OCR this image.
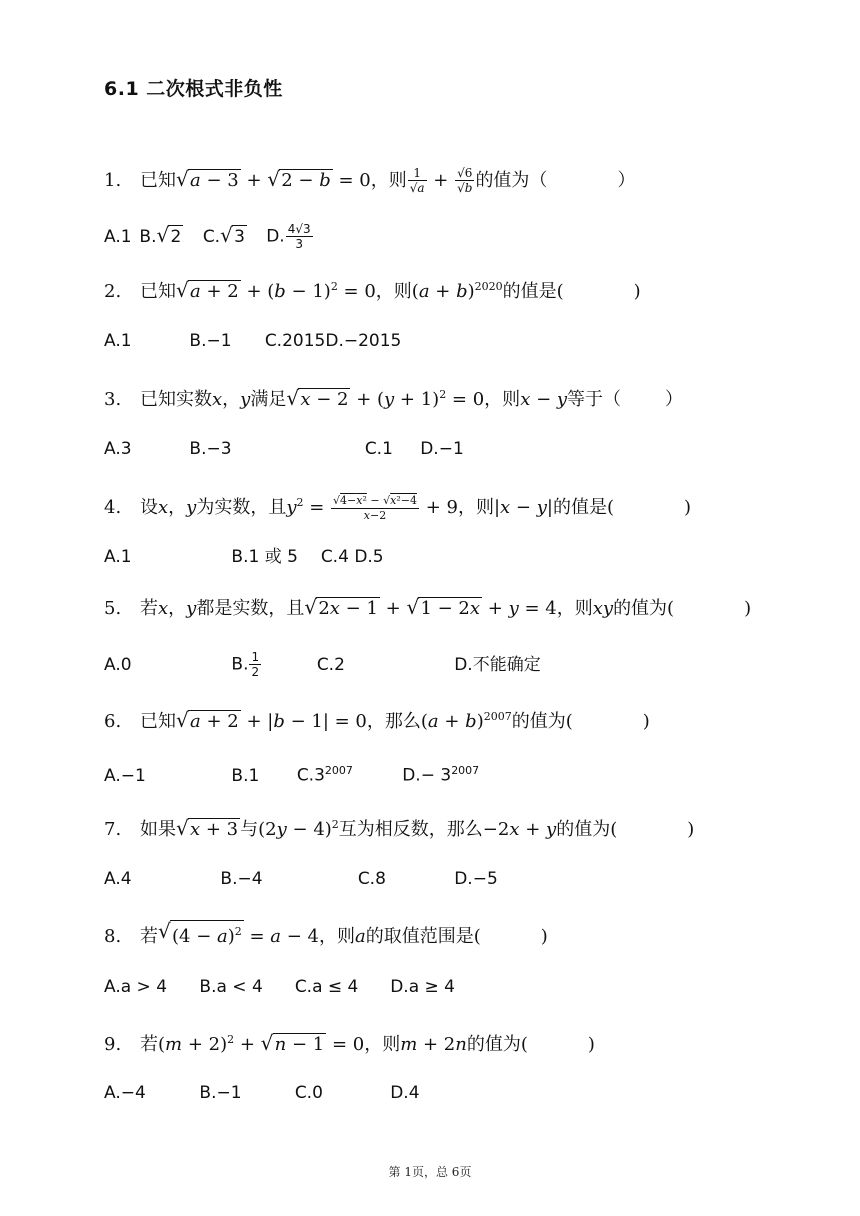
6.1 二次根式非负性
1. 已知 √ a − 3 + √ 2 − b = 0，则 $\frac{1}{√a} + \frac{√6}{√b}$ 的值为（	）
A.1 B. √ 2 C. √ 3 D. $\frac{4√3}{3}$
2. 已知 √ $a + 2 + (b - 1)^2 = 0$，则$(a + b)^{2020}$的值是(	)
A.1	B.−1 C.2015D.−2015
3. 已知实数x，y满足 √ $x - 2 + (y + 1)^2 = 0$，则x − y等于（ ）
A.3	B.−3	C.1 D.−1
4. 设x，y为实数，且$y^2 = \frac{\text{√4−x² − √x²−4}}{x-2} + 9$，则|x − y|的值是(	)
A.1	B.1 或 5 C.4 D.5
5. 若x，y都是实数，且 √ 2x − 1 + √ 1 − 2x + y = 4，则xy的值为(	)
A.0	B. $\frac{1}{2}$	C.2	D.不能确定
6. 已知 √ a + 2 + |b − 1| = 0，那么$(a + b)^{2007}$的值为(	)
A.−1	B.1 $C.3^{2007}$	$D.- 3^{2007}$
7. 如果 √ x + 3 与$(2y - 4)^2$互为相反数，那么−2x + y的值为(	)
A.4	B.−4	C.8	D.−5
8. 若 √ $(4 - a)^2 = a - 4$，则a的取值范围是(	)
A.a > 4 B.a < 4 C.a ≤ 4 D.a ≥ 4
9. 若$(m + 2)^2$ + √ n − 1 = 0，则m + 2n的值为(	)
A.−4	B.−1	C.0	D.4
第 1页，总 6页
